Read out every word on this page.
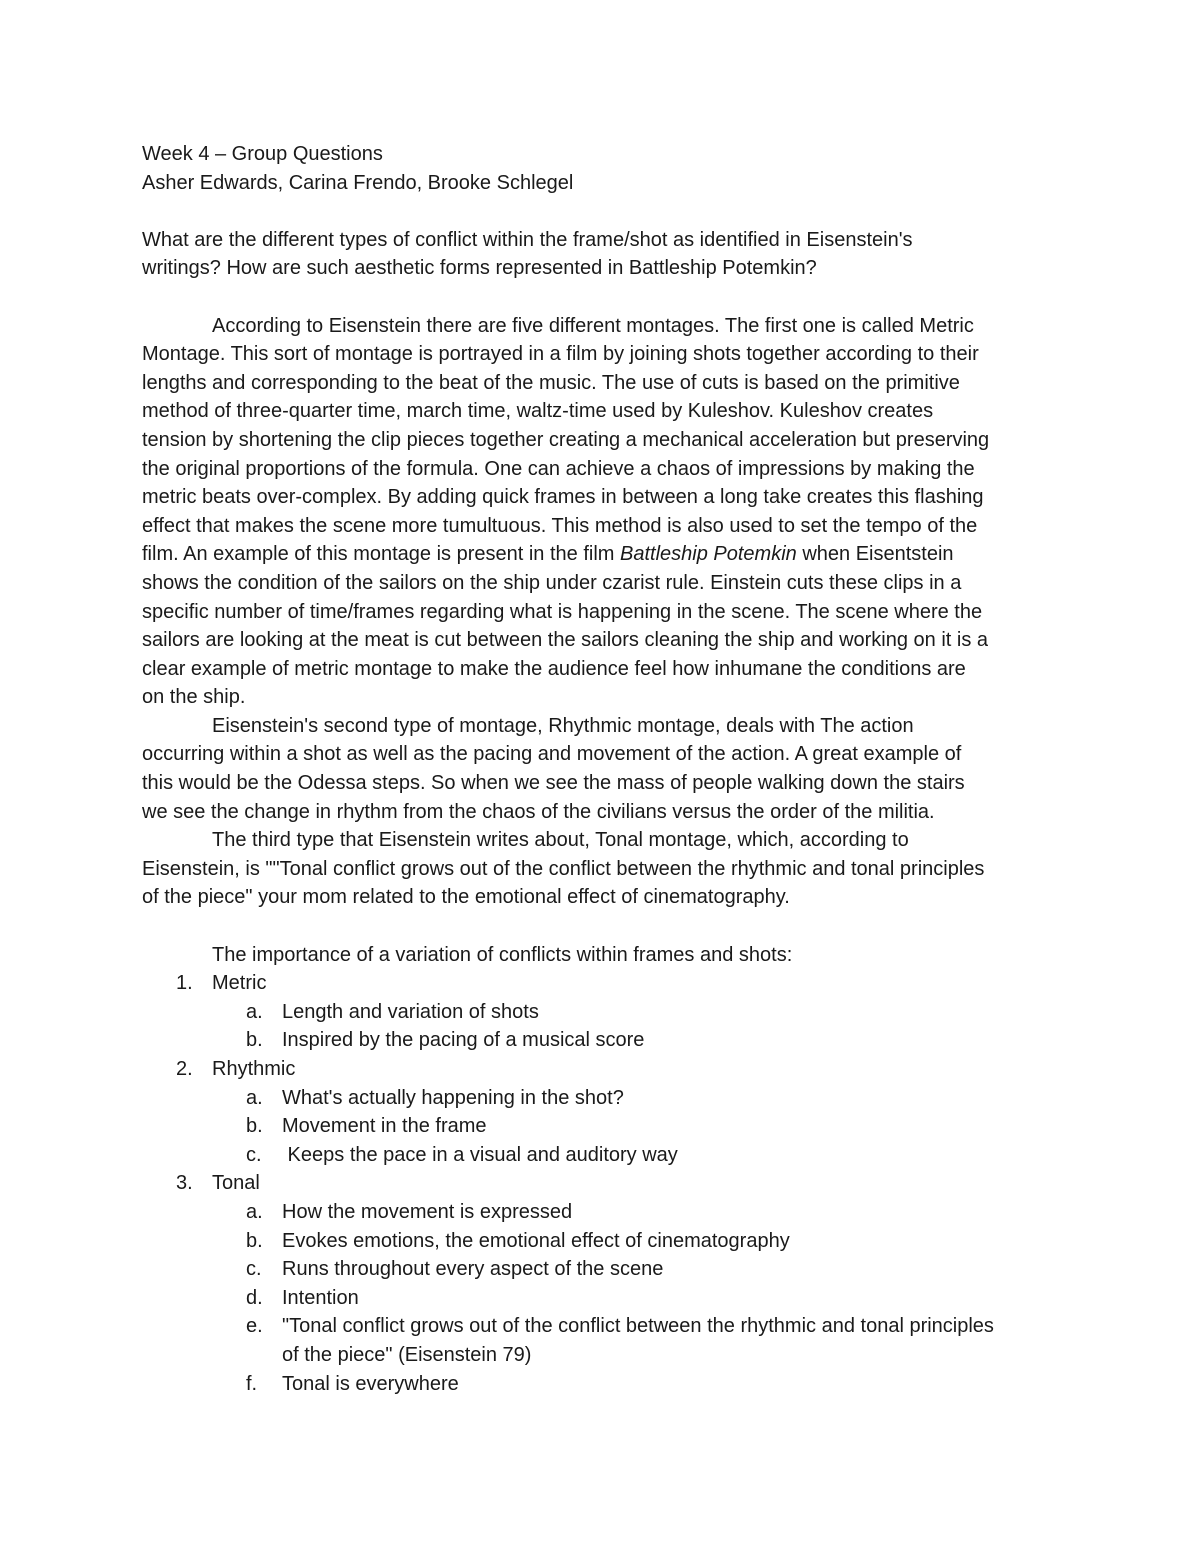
Week 4 – Group Questions
Asher Edwards, Carina Frendo, Brooke Schlegel
What are the different types of conflict within the frame/shot as identified in Eisenstein's
writings? How are such aesthetic forms represented in Battleship Potemkin?
According to Eisenstein there are five different montages. The first one is called Metric
Montage. This sort of montage is portrayed in a film by joining shots together according to their
lengths and corresponding to the beat of the music. The use of cuts is based on the primitive
method of three-quarter time, march time, waltz-time used by Kuleshov. Kuleshov creates
tension by shortening the clip pieces together creating a mechanical acceleration but preserving
the original proportions of the formula. One can achieve a chaos of impressions by making the
metric beats over-complex. By adding quick frames in between a long take creates this flashing
effect that makes the scene more tumultuous. This method is also used to set the tempo of the
film. An example of this montage is present in the film Battleship Potemkin when Eisentstein
shows the condition of the sailors on the ship under czarist rule. Einstein cuts these clips in a
specific number of time/frames regarding what is happening in the scene. The scene where the
sailors are looking at the meat is cut between the sailors cleaning the ship and working on it is a
clear example of metric montage to make the audience feel how inhumane the conditions are
on the ship.
Eisenstein's second type of montage, Rhythmic montage, deals with The action
occurring within a shot as well as the pacing and movement of the action. A great example of
this would be the Odessa steps. So when we see the mass of people walking down the stairs
we see the change in rhythm from the chaos of the civilians versus the order of the militia.
The third type that Eisenstein writes about, Tonal montage, which, according to
Eisenstein, is ""Tonal conflict grows out of the conflict between the rhythmic and tonal principles
of the piece" your mom related to the emotional effect of cinematography.
The importance of a variation of conflicts within frames and shots:
1. Metric
a. Length and variation of shots
b. Inspired by the pacing of a musical score
2. Rhythmic
a. What's actually happening in the shot?
b. Movement in the frame
c. Keeps the pace in a visual and auditory way
3. Tonal
a. How the movement is expressed
b. Evokes emotions, the emotional effect of cinematography
c. Runs throughout every aspect of the scene
d. Intention
e. "Tonal conflict grows out of the conflict between the rhythmic and tonal principles
of the piece" (Eisenstein 79)
f. Tonal is everywhere
